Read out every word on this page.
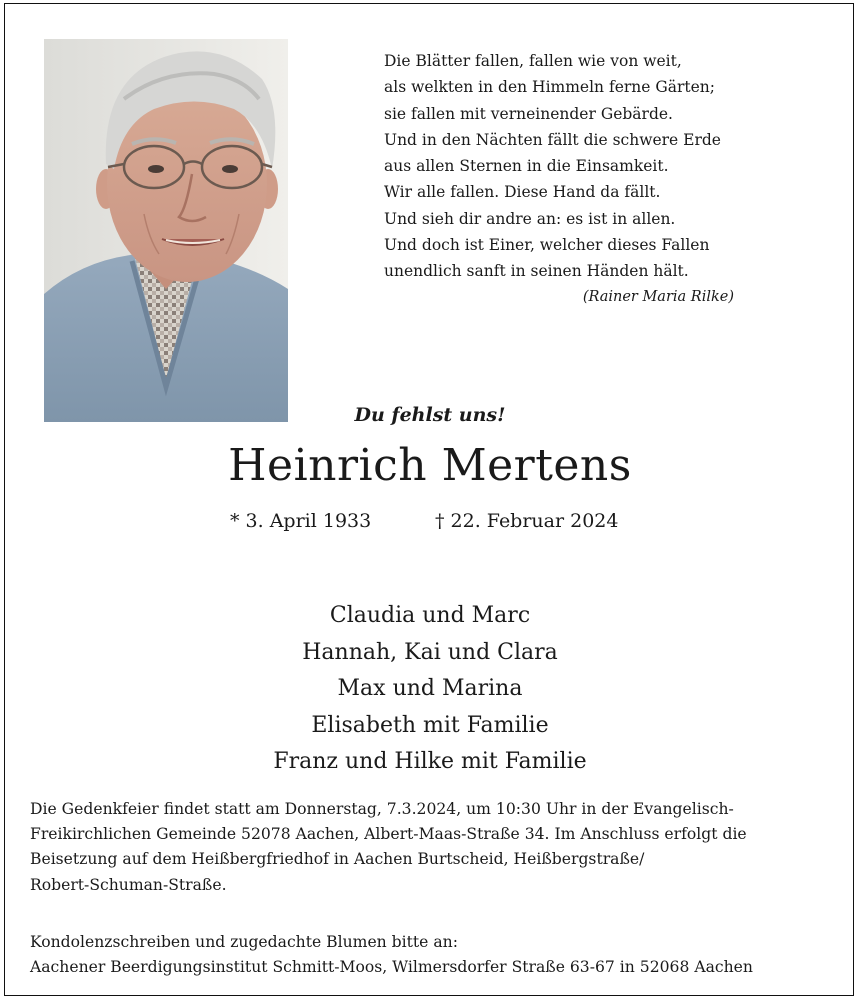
Die Blätter fallen, fallen wie von weit,
als welkten in den Himmeln ferne Gärten;
sie fallen mit verneinender Gebärde.
Und in den Nächten fällt die schwere Erde
aus allen Sternen in die Einsamkeit.
Wir alle fallen. Diese Hand da fällt.
Und sieh dir andre an: es ist in allen.
Und doch ist Einer, welcher dieses Fallen
unendlich sanft in seinen Händen hält.
(Rainer Maria Rilke)
Du fehlst uns!
Heinrich Mertens
* 3. April 1933	† 22. Februar 2024
Claudia und Marc
Hannah, Kai und Clara
Max und Marina
Elisabeth mit Familie
Franz und Hilke mit Familie
Die Gedenkfeier findet statt am Donnerstag, 7.3.2024, um 10:30 Uhr in der Evangelisch-
Freikirchlichen Gemeinde 52078 Aachen, Albert-Maas-Straße 34. Im Anschluss erfolgt die
Beisetzung auf dem Heißbergfriedhof in Aachen Burtscheid, Heißbergstraße/
Robert-Schuman-Straße.
Kondolenzschreiben und zugedachte Blumen bitte an:
Aachener Beerdigungsinstitut Schmitt-Moos, Wilmersdorfer Straße 63-67 in 52068 Aachen
